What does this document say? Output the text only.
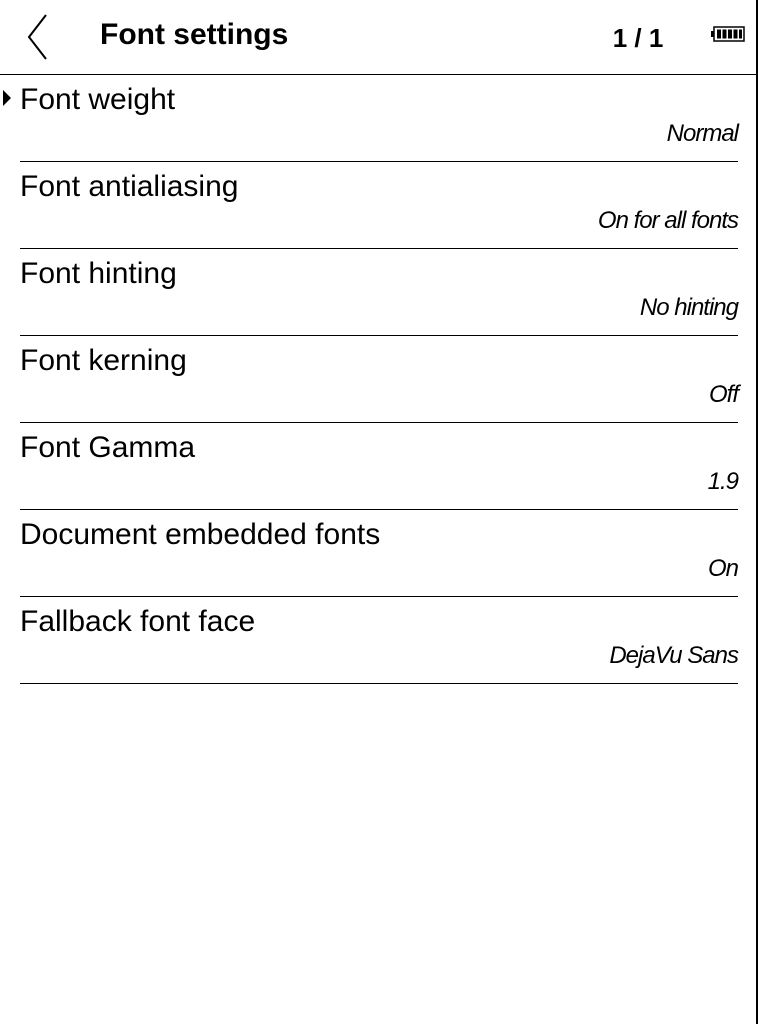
Font settings	1 / 1
Font weight
Normal
Font antialiasing
On for all fonts
Font hinting
No hinting
Font kerning
Off
Font Gamma
1.9
Document embedded fonts
On
Fallback font face
DejaVu Sans
